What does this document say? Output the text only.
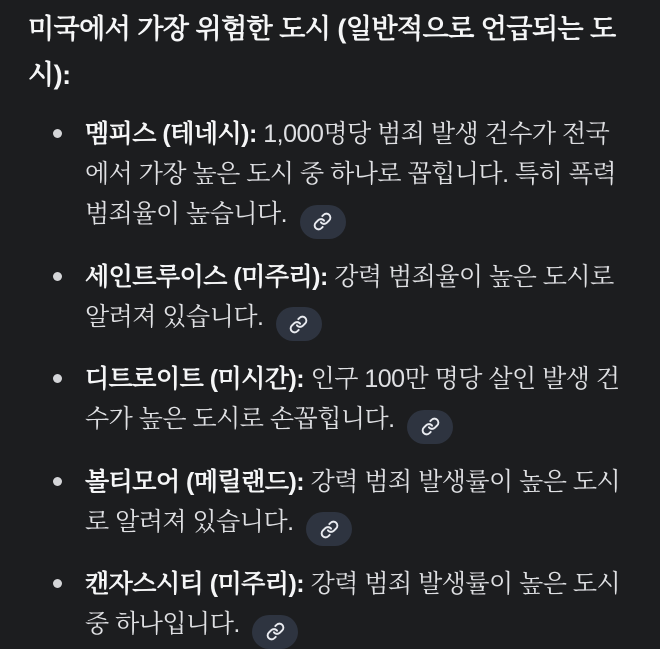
미국에서 가장 위험한 도시 (일반적으로 언급되는 도시):
멤피스 (테네시): 1,000명당 범죄 발생 건수가 전국에서 가장 높은 도시 중 하나로 꼽힙니다. 특히 폭력 범죄율이 높습니다.
세인트루이스 (미주리): 강력 범죄율이 높은 도시로 알려져 있습니다.
디트로이트 (미시간): 인구 100만 명당 살인 발생 건수가 높은 도시로 손꼽힙니다.
볼티모어 (메릴랜드): 강력 범죄 발생률이 높은 도시로 알려져 있습니다.
캔자스시티 (미주리): 강력 범죄 발생률이 높은 도시 중 하나입니다.
